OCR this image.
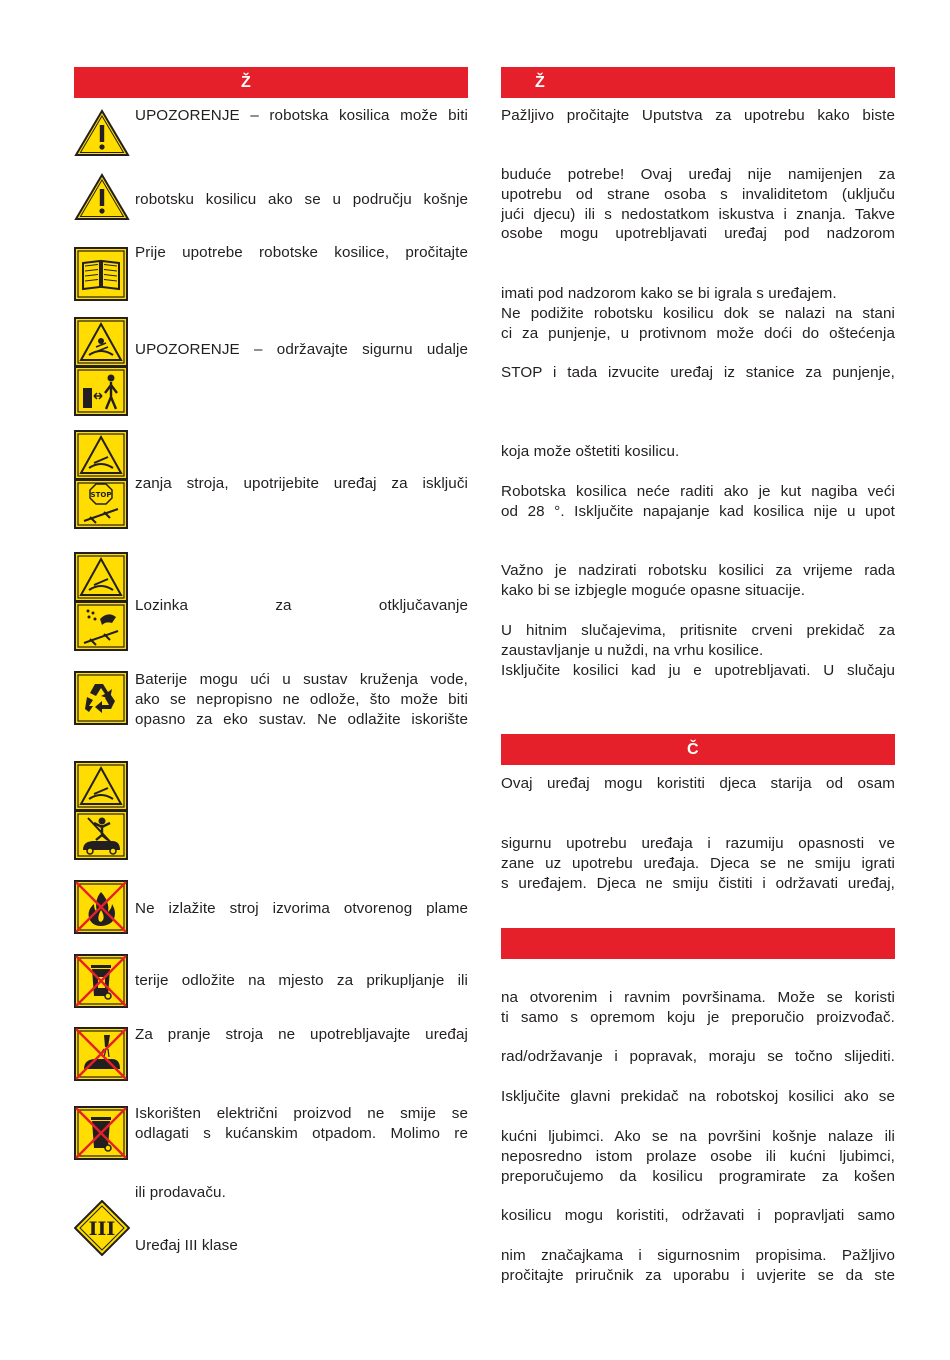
Ž
UPOZORENJE – robotska kosilica može biti
robotsku kosilicu ako se u području košnje
Prije upotrebe robotske kosilice, pročitajte
UPOZORENJE – održavajte sigurnu udalje
STOP
zanja stroja, upotrijebite uređaj za isključi
Lozinka za otključavanje
Baterije mogu ući u sustav kruženja vode,
ako se nepropisno ne odlože, što može biti
opasno za eko sustav. Ne odlažite iskorište
Ne izlažite stroj izvorima otvorenog plame
terije odložite na mjesto za prikupljanje ili
Za pranje stroja ne upotrebljavajte uređaj
Iskorišten električni proizvod ne smije se
odlagati s kućanskim otpadom. Molimo re
ili prodavaču.
III
Uređaj III klase
Ž
Pažljivo pročitajte Uputstva za upotrebu kako biste
buduće potrebe! Ovaj uređaj nije namijenjen za
upotrebu od strane osoba s invaliditetom (uključu
jući djecu) ili s nedostatkom iskustva i znanja. Takve
osobe mogu upotrebljavati uređaj pod nadzorom
imati pod nadzorom kako se bi igrala s uređajem.
Ne podižite robotsku kosilicu dok se nalazi na stani
ci za punjenje, u protivnom može doći do oštećenja
STOP i tada izvucite uređaj iz stanice za punjenje,
koja može oštetiti kosilicu.
Robotska kosilica neće raditi ako je kut nagiba veći
od 28 °. Isključite napajanje kad kosilica nije u upot
Važno je nadzirati robotsku kosilici za vrijeme rada
kako bi se izbjegle moguće opasne situacije.
U hitnim slučajevima, pritisnite crveni prekidač za
zaustavljanje u nuždi, na vrhu kosilice.
Isključite kosilici kad ju e upotrebljavati. U slučaju
Č
Ovaj uređaj mogu koristiti djeca starija od osam
sigurnu upotrebu uređaja i razumiju opasnosti ve
zane uz upotrebu uređaja. Djeca se ne smiju igrati
s uređajem. Djeca ne smiju čistiti i održavati uređaj,
na otvorenim i ravnim površinama. Može se koristi
ti samo s opremom koju je preporučio proizvođač.
rad/održavanje i popravak, moraju se točno slijediti.
Isključite glavni prekidač na robotskoj kosilici ako se
kućni ljubimci. Ako se na površini košnje nalaze ili
neposredno istom prolaze osobe ili kućni ljubimci,
preporučujemo da kosilicu programirate za košen
kosilicu mogu koristiti, održavati i popravljati samo
nim značajkama i sigurnosnim propisima. Pažljivo
pročitajte priručnik za uporabu i uvjerite se da ste
